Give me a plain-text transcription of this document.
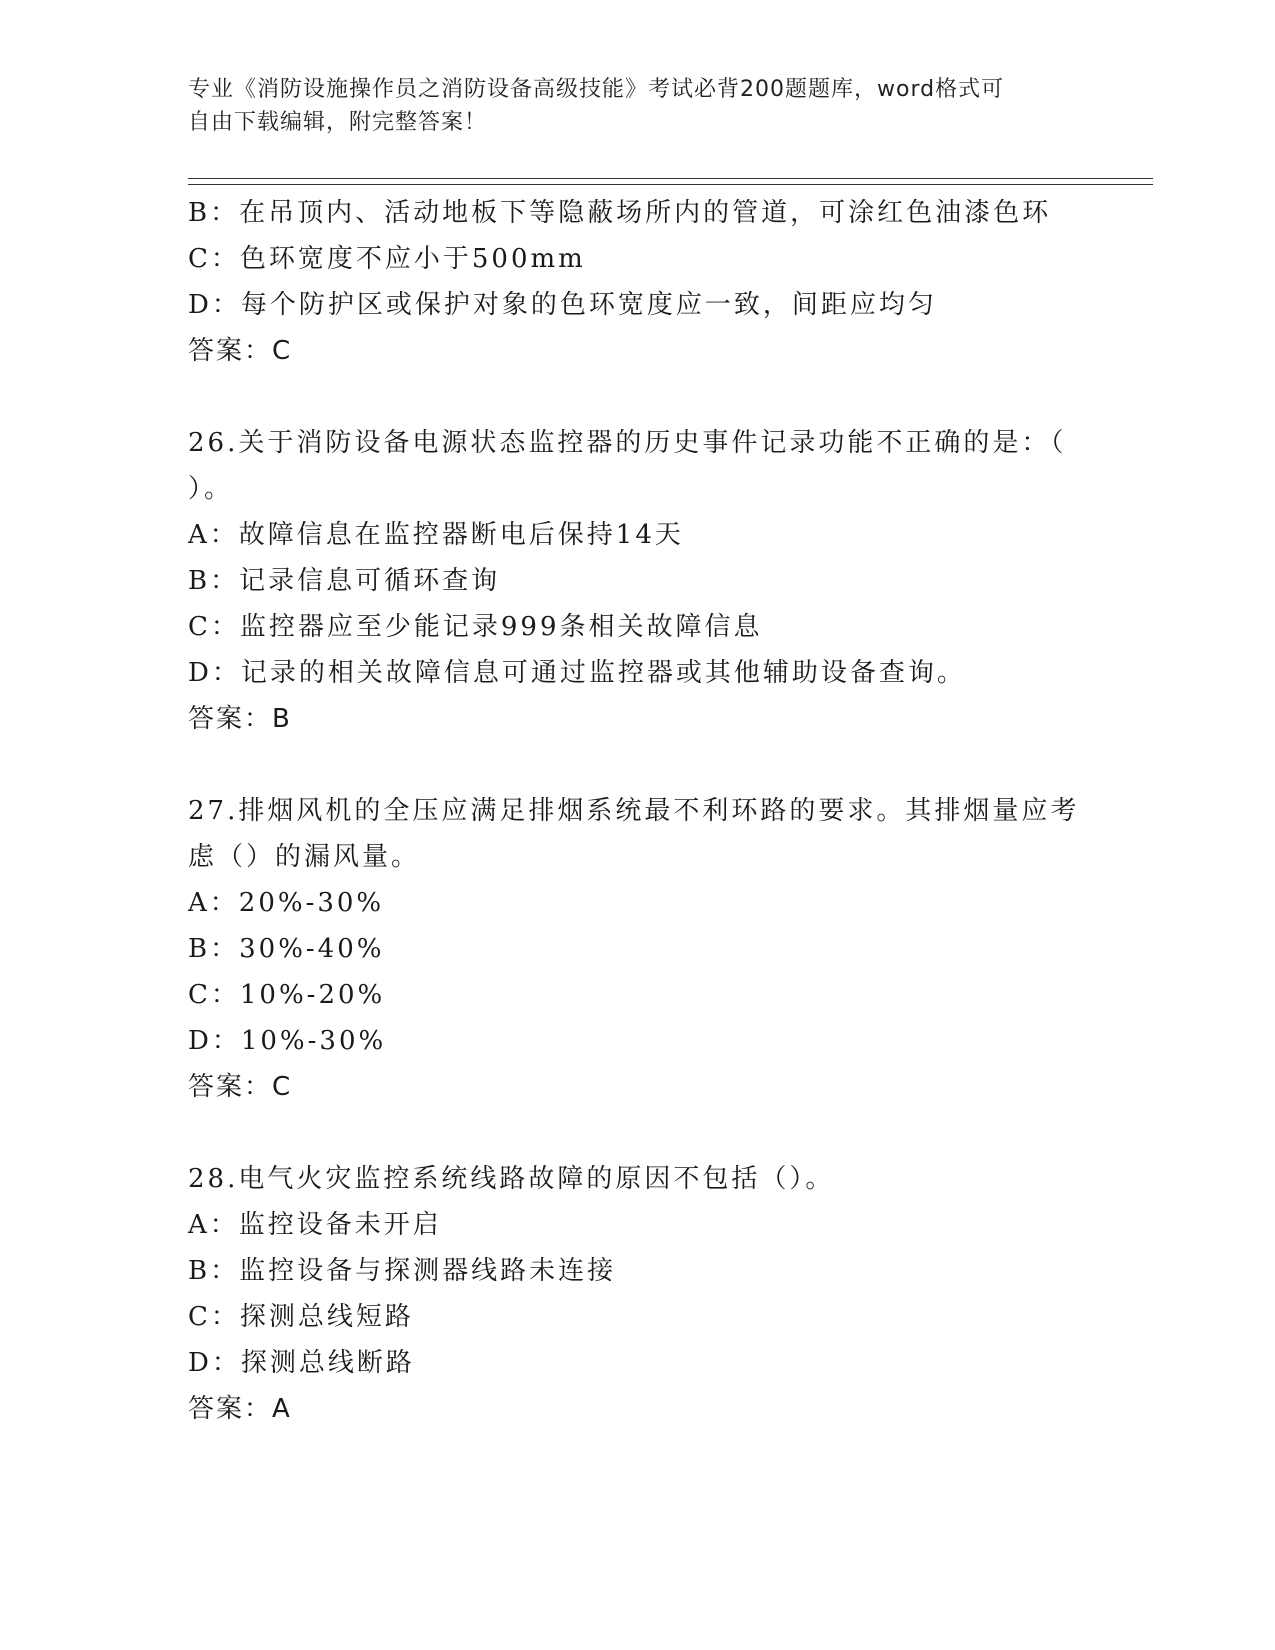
专业《消防设施操作员之消防设备高级技能》考试必背200题题库，word格式可
自由下载编辑，附完整答案！
B：在吊顶内、活动地板下等隐蔽场所内的管道，可涂红色油漆色环
C：色环宽度不应小于500mm
D：每个防护区或保护对象的色环宽度应一致，间距应均匀
答案：C
26.关于消防设备电源状态监控器的历史事件记录功能不正确的是：（
）。
A：故障信息在监控器断电后保持14天
B：记录信息可循环查询
C：监控器应至少能记录999条相关故障信息
D：记录的相关故障信息可通过监控器或其他辅助设备查询。
答案：B
27.排烟风机的全压应满足排烟系统最不利环路的要求。其排烟量应考
虑（）的漏风量。
A：20%-30%
B：30%-40%
C：10%-20%
D：10%-30%
答案：C
28.电气火灾监控系统线路故障的原因不包括（）。
A：监控设备未开启
B：监控设备与探测器线路未连接
C：探测总线短路
D：探测总线断路
答案：A
